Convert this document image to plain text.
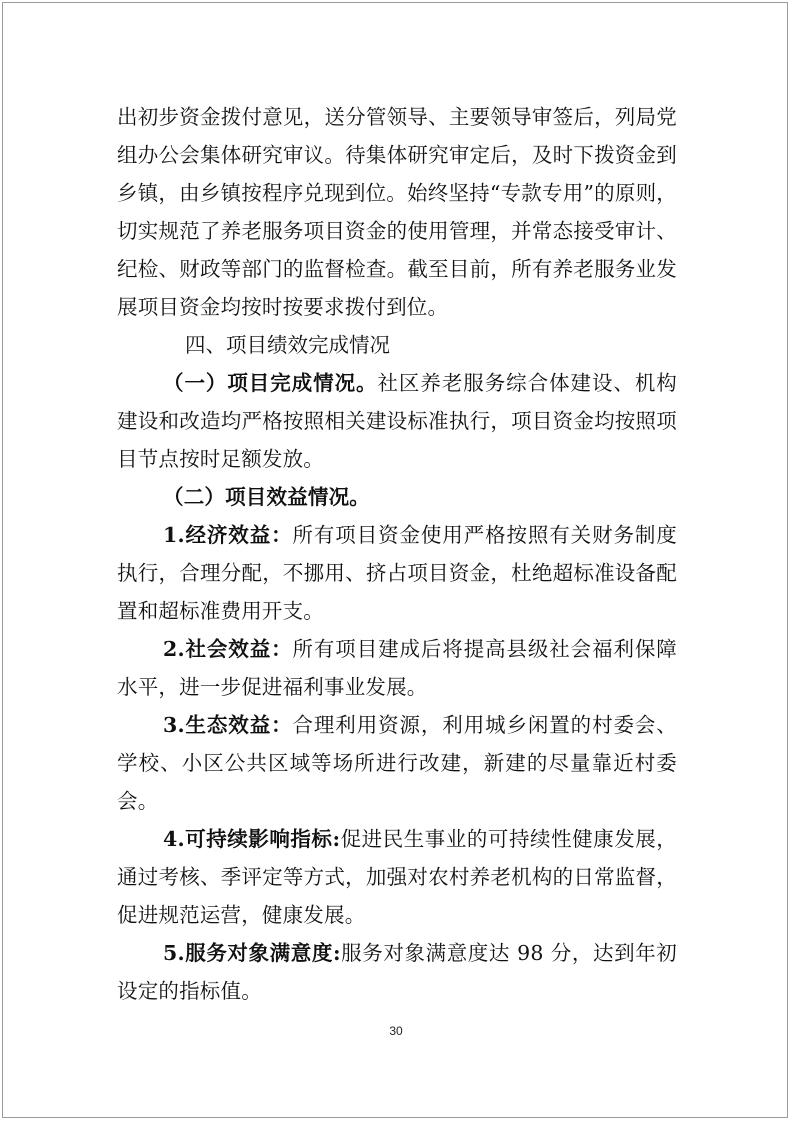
出初步资金拨付意见，送分管领导、主要领导审签后，列局党组办公会集体研究审议。待集体研究审定后，及时下拨资金到乡镇，由乡镇按程序兑现到位。始终坚持“专款专用”的原则，切实规范了养老服务项目资金的使用管理，并常态接受审计、纪检、财政等部门的监督检查。截至目前，所有养老服务业发展项目资金均按时按要求拨付到位。

四、项目绩效完成情况

（一）项目完成情况。社区养老服务综合体建设、机构建设和改造均严格按照相关建设标准执行，项目资金均按照项目节点按时足额发放。

（二）项目效益情况。

1.经济效益：所有项目资金使用严格按照有关财务制度执行，合理分配，不挪用、挤占项目资金，杜绝超标准设备配置和超标准费用开支。

2.社会效益：所有项目建成后将提高县级社会福利保障水平，进一步促进福利事业发展。

3.生态效益：合理利用资源，利用城乡闲置的村委会、学校、小区公共区域等场所进行改建，新建的尽量靠近村委会。

4.可持续影响指标:促进民生事业的可持续性健康发展，通过考核、季评定等方式，加强对农村养老机构的日常监督，促进规范运营，健康发展。

5.服务对象满意度:服务对象满意度达 98 分，达到年初设定的指标值。

30
